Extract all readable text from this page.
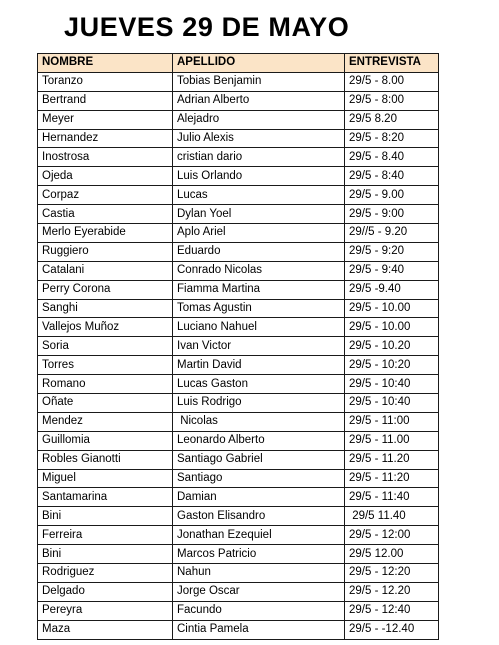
JUEVES 29 DE MAYO
NOMBRE	APELLIDO	ENTREVISTA
Toranzo	Tobias Benjamin	29/5 - 8.00
Bertrand	Adrian Alberto	29/5 - 8:00
Meyer	Alejadro	29/5 8.20
Hernandez	Julio Alexis	29/5 - 8:20
Inostrosa	cristian dario	29/5 - 8.40
Ojeda	Luis Orlando	29/5 - 8:40
Corpaz	Lucas	29/5 - 9.00
Castia	Dylan Yoel	29/5 - 9:00
Merlo Eyerabide	Aplo Ariel	29//5 - 9.20
Ruggiero	Eduardo	29/5 - 9:20
Catalani	Conrado Nicolas	29/5 - 9:40
Perry Corona	Fiamma Martina	29/5 -9.40
Sanghi	Tomas Agustin	29/5 - 10.00
Vallejos Muñoz	Luciano Nahuel	29/5 - 10.00
Soria	Ivan Victor	29/5 - 10.20
Torres	Martin David	29/5 - 10:20
Romano	Lucas Gaston	29/5 - 10:40
Oñate	Luis Rodrigo	29/5 - 10:40
Mendez	Nicolas	29/5 - 11:00
Guillomia	Leonardo Alberto	29/5 - 11.00
Robles Gianotti	Santiago Gabriel	29/5 - 11.20
Miguel	Santiago	29/5 - 11:20
Santamarina	Damian	29/5 - 11:40
Bini	Gaston Elisandro	29/5 11.40
Ferreira	Jonathan Ezequiel	29/5 - 12:00
Bini	Marcos Patricio	29/5 12.00
Rodriguez	Nahun	29/5 - 12:20
Delgado	Jorge Oscar	29/5 - 12.20
Pereyra	Facundo	29/5 - 12:40
Maza	Cintia Pamela	29/5 - -12.40
